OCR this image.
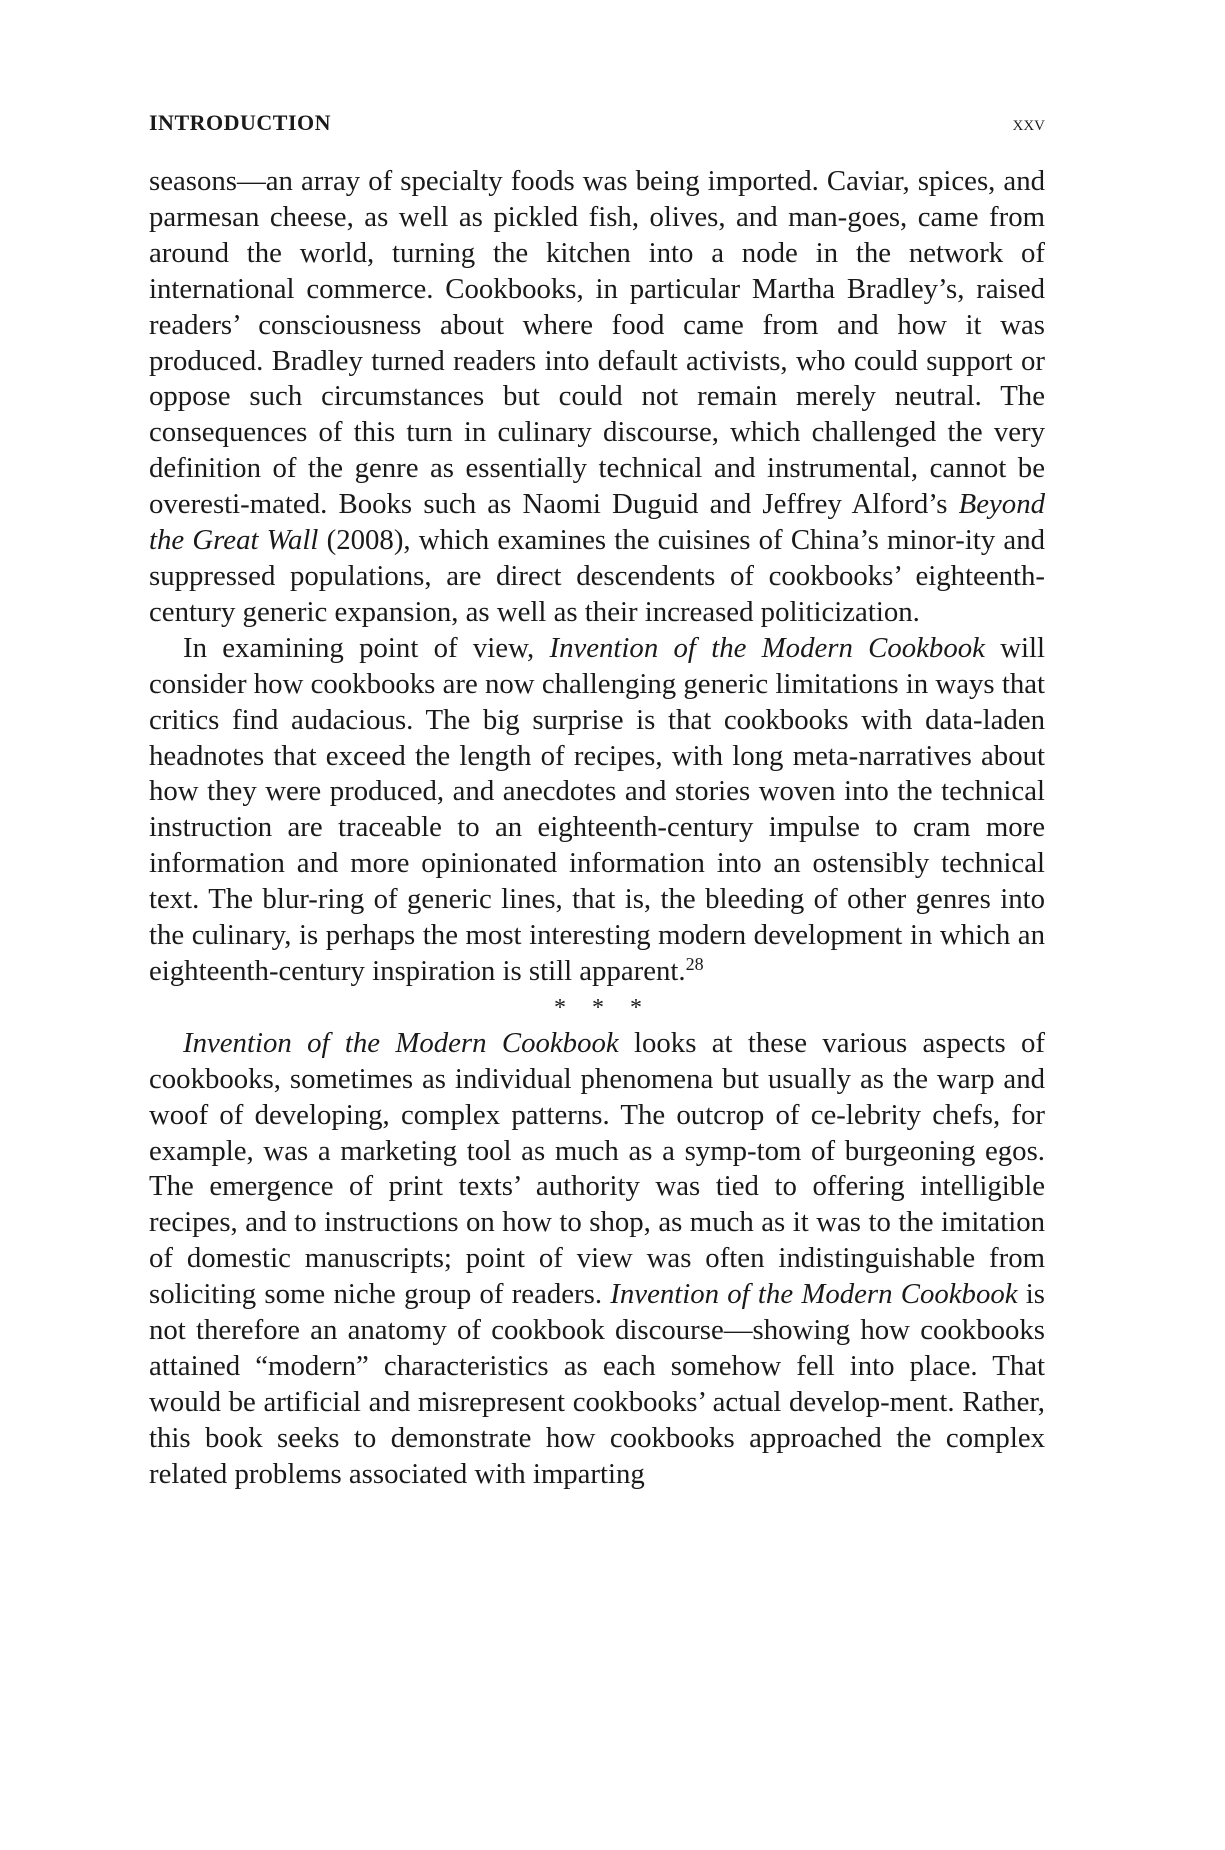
INTRODUCTION	xxv

seasons—an array of specialty foods was being imported. Caviar, spices, and parmesan cheese, as well as pickled fish, olives, and man-goes, came from around the world, turning the kitchen into a node in the network of international commerce. Cookbooks, in particular Martha Bradley’s, raised readers’ consciousness about where food came from and how it was produced. Bradley turned readers into default activists, who could support or oppose such circumstances but could not remain merely neutral. The consequences of this turn in culinary discourse, which challenged the very definition of the genre as essentially technical and instrumental, cannot be overesti-mated. Books such as Naomi Duguid and Jeffrey Alford’s Beyond the Great Wall (2008), which examines the cuisines of China’s minor-ity and suppressed populations, are direct descendents of cookbooks’ eighteenth-century generic expansion, as well as their increased politicization.

In examining point of view, Invention of the Modern Cookbook will consider how cookbooks are now challenging generic limitations in ways that critics find audacious. The big surprise is that cookbooks with data-laden headnotes that exceed the length of recipes, with long meta-narratives about how they were produced, and anecdotes and stories woven into the technical instruction are traceable to an eighteenth-century impulse to cram more information and more opinionated information into an ostensibly technical text. The blur-ring of generic lines, that is, the bleeding of other genres into the culinary, is perhaps the most interesting modern development in which an eighteenth-century inspiration is still apparent.$^{28}$

* * *

Invention of the Modern Cookbook looks at these various aspects of cookbooks, sometimes as individual phenomena but usually as the warp and woof of developing, complex patterns. The outcrop of ce-lebrity chefs, for example, was a marketing tool as much as a symp-tom of burgeoning egos. The emergence of print texts’ authority was tied to offering intelligible recipes, and to instructions on how to shop, as much as it was to the imitation of domestic manuscripts; point of view was often indistinguishable from soliciting some niche group of readers. Invention of the Modern Cookbook is not therefore an anatomy of cookbook discourse—showing how cookbooks attained “modern” characteristics as each somehow fell into place. That would be artificial and misrepresent cookbooks’ actual develop-ment. Rather, this book seeks to demonstrate how cookbooks approached the complex related problems associated with imparting
